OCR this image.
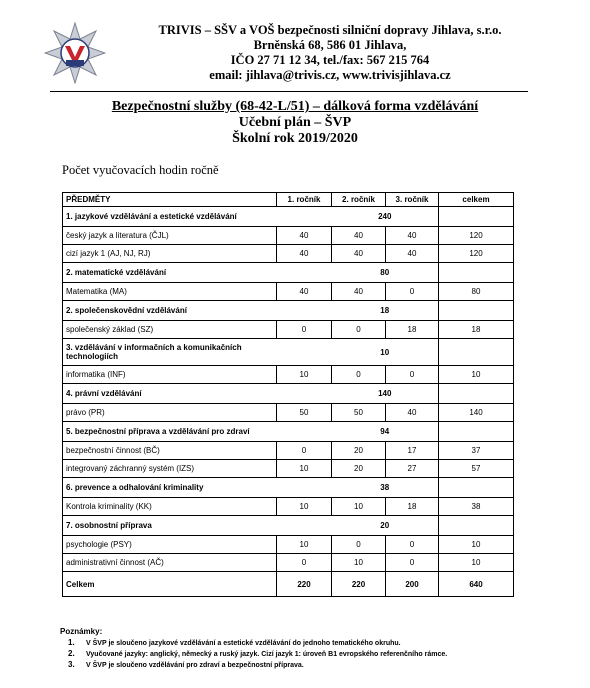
TRIVIS – SŠV a VOŠ bezpečnosti silniční dopravy Jihlava, s.r.o.
Brněnská 68, 586 01 Jihlava,
IČO 27 71 12 34, tel./fax: 567 215 764
email: jihlava@trivis.cz, www.trivisjihlava.cz
Bezpečnostní služby (68-42-L/51) – dálková forma vzdělávání
Učební plán – ŠVP
Školní rok 2019/2020
Počet vyučovacích hodin ročně
PŘEDMĚTY	1. ročník	2. ročník	3. ročník	celkem
1. jazykové vzdělávání a estetické vzdělávání		240		
český jazyk a literatura (ČJL)	40	40	40	120
cizí jazyk 1 (AJ, NJ, RJ)	40	40	40	120
2. matematické vzdělávání		80		
Matematika (MA)	40	40	0	80
2. společenskovědní vzdělávání		18		
společenský základ (SZ)	0	0	18	18
3. vzdělávání v informačních a komunikačních technologiích		10		
informatika (INF)	10	0	0	10
4. právní vzdělávání		140		
právo (PR)	50	50	40	140
5. bezpečnostní příprava a vzdělávání pro zdraví		94		
bezpečnostní činnost (BČ)	0	20	17	37
integrovaný záchranný systém (IZS)	10	20	27	57
6. prevence a odhalování kriminality		38		
Kontrola kriminality (KK)	10	10	18	38
7. osobnostní příprava		20		
psychologie (PSY)	10	0	0	10
administrativní činnost (AČ)	0	10	0	10
Celkem	220	220	200	640
Poznámky:
1. V ŠVP je sloučeno jazykové vzdělávání a estetické vzdělávání do jednoho tematického okruhu.
2. Vyučované jazyky: anglický, německý a ruský jazyk. Cizí jazyk 1: úroveň B1 evropského referenčního rámce.
3. V ŠVP je sloučeno vzdělávání pro zdraví a bezpečnostní příprava.
